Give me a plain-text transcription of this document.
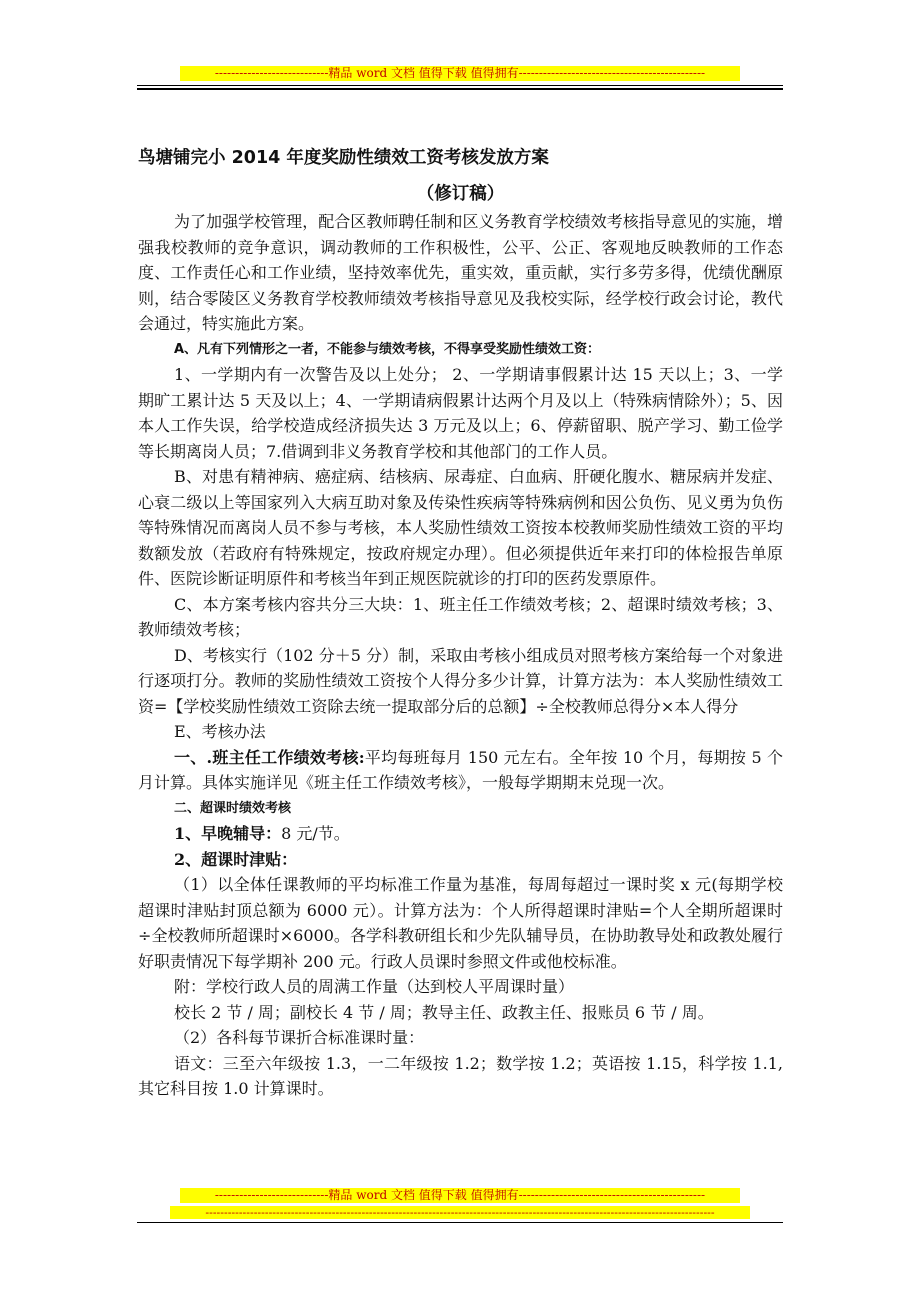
----------------------------精品 word 文档 值得下载 值得拥有----------------------------------------------
鸟塘铺完小 2014 年度奖励性绩效工资考核发放方案
（修订稿）

为了加强学校管理，配合区教师聘任制和区义务教育学校绩效考核指导意见的实施，增强我校教师的竞争意识，调动教师的工作积极性，公平、公正、客观地反映教师的工作态度、工作责任心和工作业绩，坚持效率优先，重实效，重贡献，实行多劳多得，优绩优酬原则，结合零陵区义务教育学校教师绩效考核指导意见及我校实际，经学校行政会讨论，教代会通过，特实施此方案。

A、凡有下列情形之一者，不能参与绩效考核，不得享受奖励性绩效工资：

1、一学期内有一次警告及以上处分； 2、一学期请事假累计达 15 天以上；3、一学期旷工累计达 5 天及以上；4、一学期请病假累计达两个月及以上（特殊病情除外）；5、因本人工作失误，给学校造成经济损失达 3 万元及以上；6、停薪留职、脱产学习、勤工俭学等长期离岗人员；7.借调到非义务教育学校和其他部门的工作人员。

B、对患有精神病、癌症病、结核病、尿毒症、白血病、肝硬化腹水、糖尿病并发症、心衰二级以上等国家列入大病互助对象及传染性疾病等特殊病例和因公负伤、见义勇为负伤等特殊情况而离岗人员不参与考核，本人奖励性绩效工资按本校教师奖励性绩效工资的平均数额发放（若政府有特殊规定，按政府规定办理）。但必须提供近年来打印的体检报告单原件、医院诊断证明原件和考核当年到正规医院就诊的打印的医药发票原件。

C、本方案考核内容共分三大块：1、班主任工作绩效考核；2、超课时绩效考核；3、教师绩效考核；

D、考核实行（102 分＋5 分）制，采取由考核小组成员对照考核方案给每一个对象进行逐项打分。教师的奖励性绩效工资按个人得分多少计算，计算方法为：本人奖励性绩效工资=【学校奖励性绩效工资除去统一提取部分后的总额】÷全校教师总得分×本人得分

E、考核办法

一、.班主任工作绩效考核:平均每班每月 150 元左右。全年按 10 个月，每期按 5 个月计算。具体实施详见《班主任工作绩效考核》，一般每学期期末兑现一次。

二、超课时绩效考核

1、早晚辅导：8 元/节。

2、超课时津贴：

（1）以全体任课教师的平均标准工作量为基准，每周每超过一课时奖 x 元(每期学校超课时津贴封顶总额为 6000 元）。计算方法为：个人所得超课时津贴=个人全期所超课时÷全校教师所超课时×6000。各学科教研组长和少先队辅导员，在协助教导处和政教处履行好职责情况下每学期补 200 元。行政人员课时参照文件或他校标准。

附：学校行政人员的周满工作量（达到校人平周课时量）

校长 2 节 / 周；副校长 4 节 / 周；教导主任、政教主任、报账员 6 节 / 周。

（2）各科每节课折合标准课时量：

语文：三至六年级按 1.3，一二年级按 1.2；数学按 1.2；英语按 1.15，科学按 1.1,其它科目按 1.0 计算课时。

----------------------------精品 word 文档 值得下载 值得拥有----------------------------------------------
-----------------------------------------------------------------------------------------------------------------------------------------
